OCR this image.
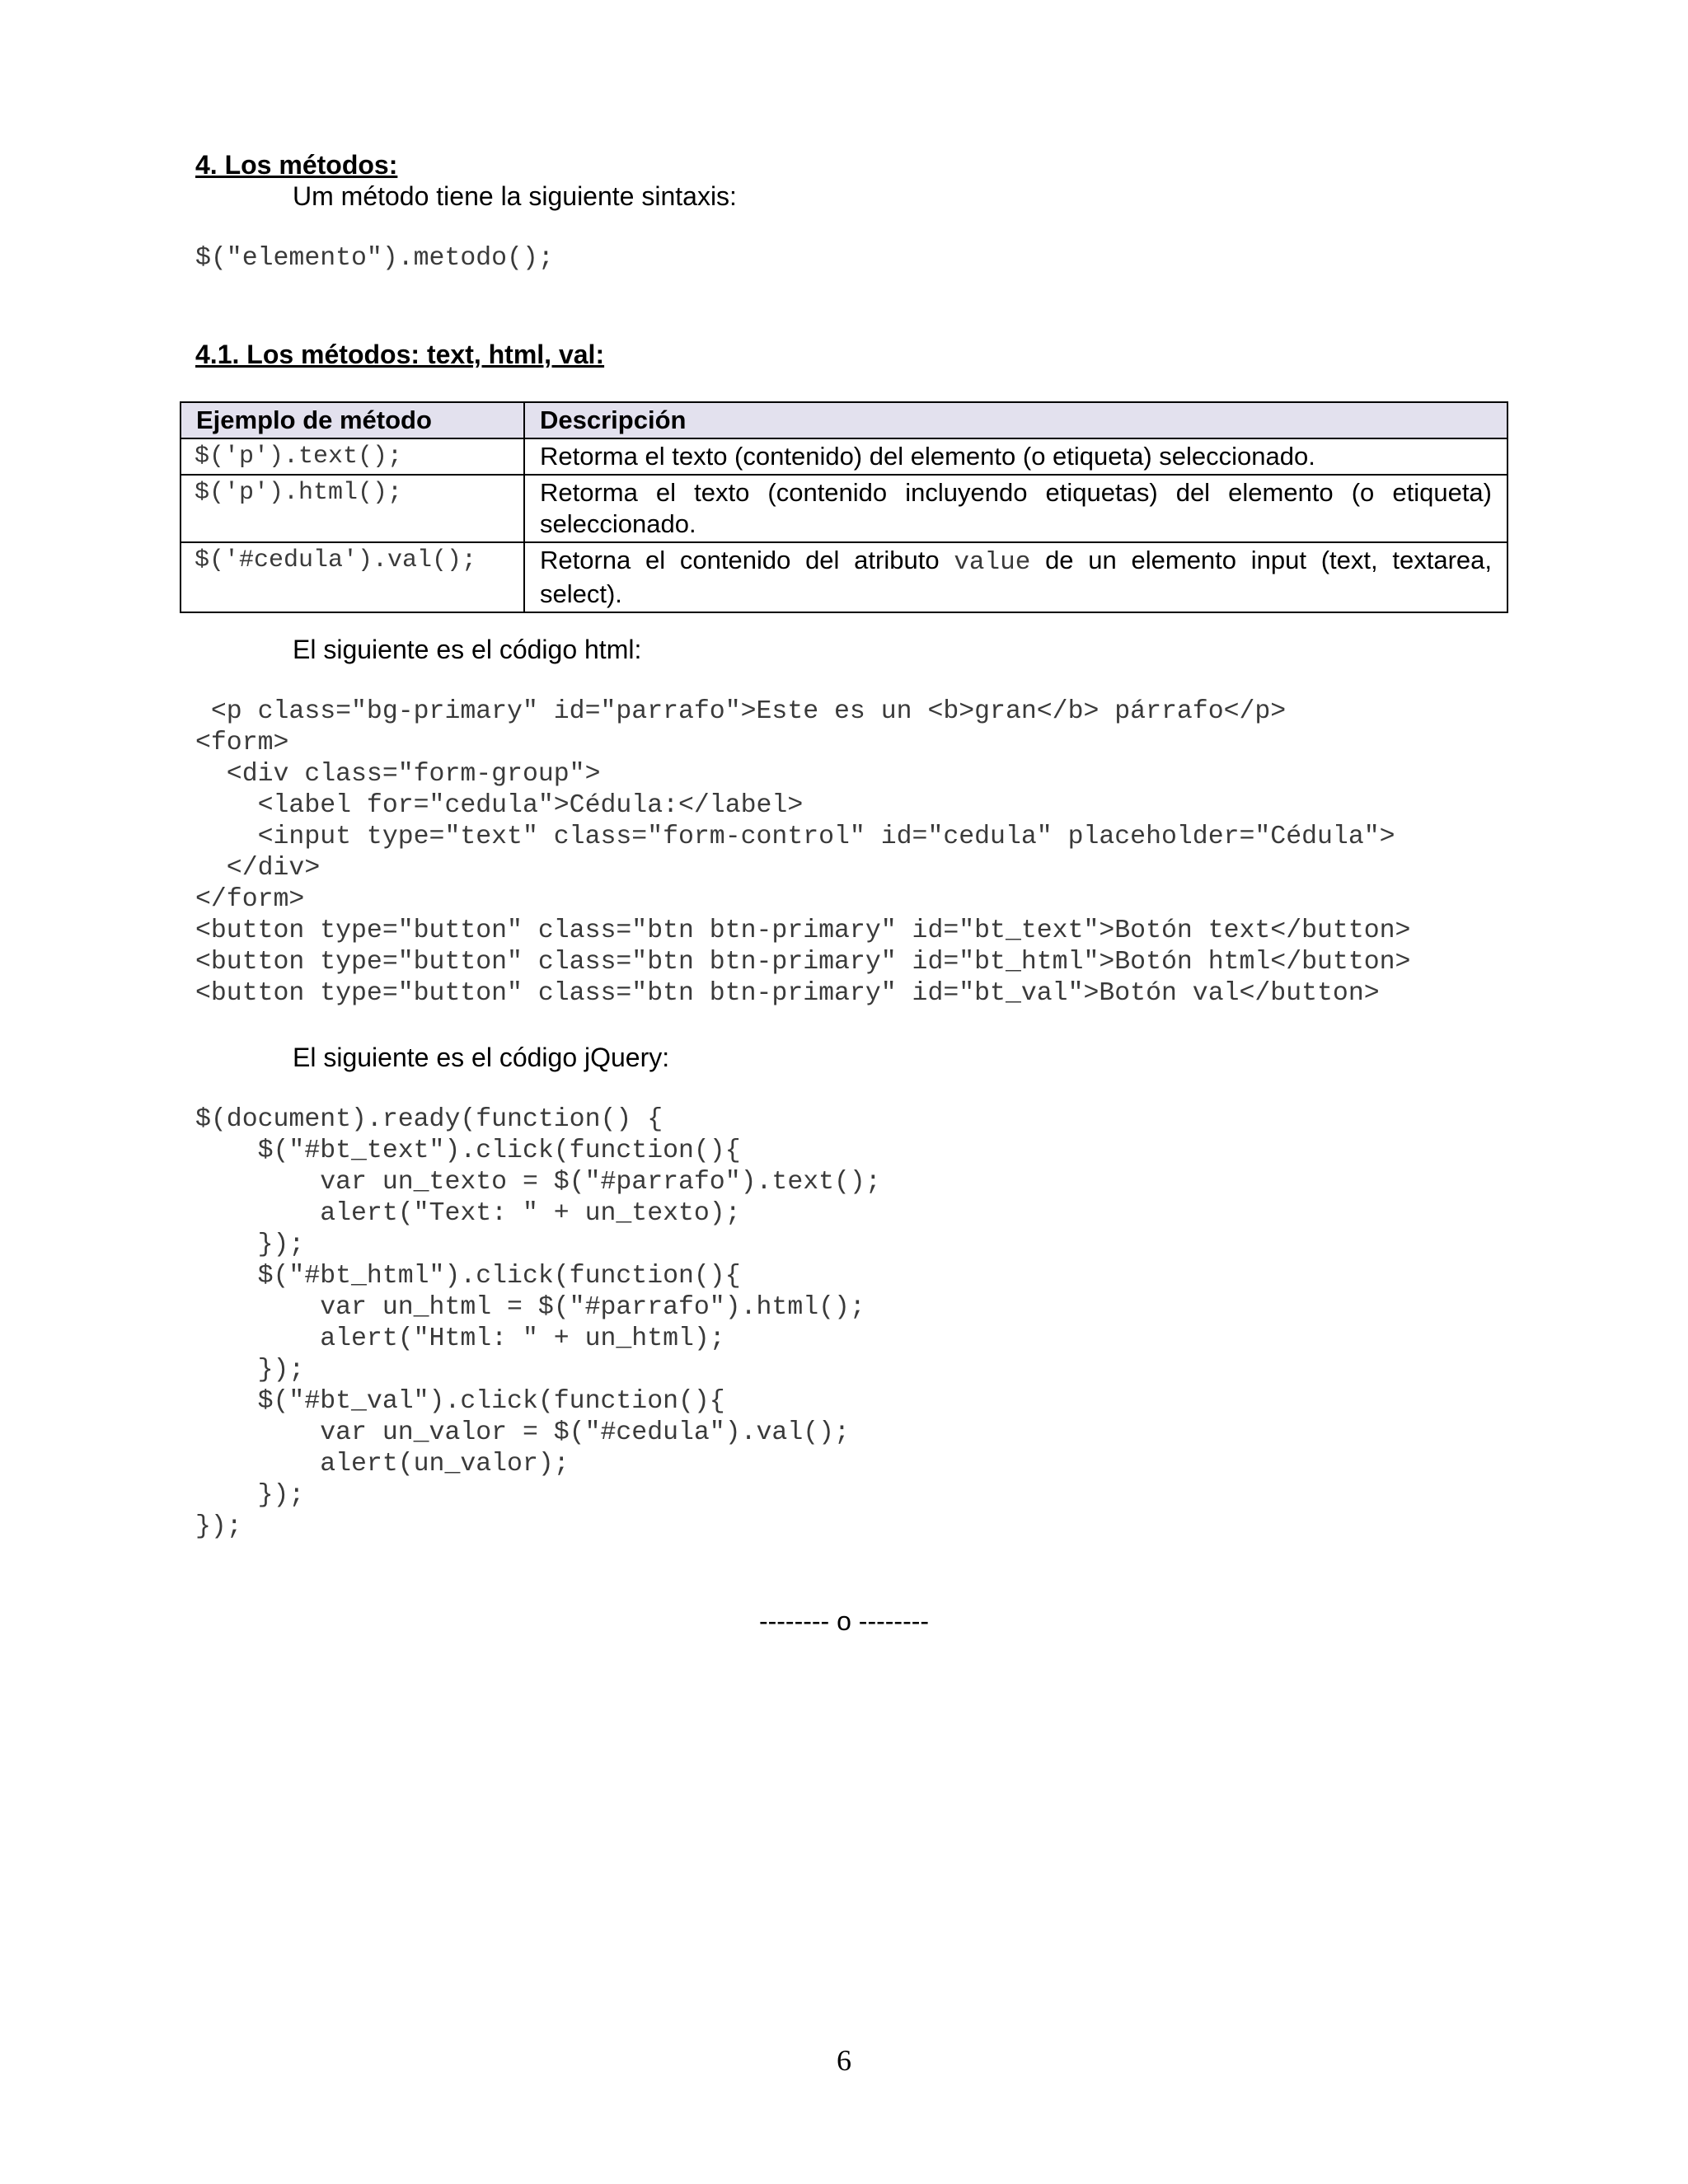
4. Los métodos:

Um método tiene la siguiente sintaxis:

$("elemento").metodo();

4.1. Los métodos: text, html, val:

Ejemplo de método	Descripción
$('p').text();	Retorma el texto (contenido) del elemento (o etiqueta) seleccionado.
$('p').html();	Retorma el texto (contenido incluyendo etiquetas) del elemento (o etiqueta) seleccionado.
$('#cedula').val();	Retorna el contenido del atributo value de un elemento input (text, textarea, select).

El siguiente es el código html:

<p class="bg-primary" id="parrafo">Este es un <b>gran</b> párrafo</p>
<form>
<div class="form-group">
<label for="cedula">Cédula:</label>
<input type="text" class="form-control" id="cedula" placeholder="Cédula">
</div>
</form>
<button type="button" class="btn btn-primary" id="bt_text">Botón text</button>
<button type="button" class="btn btn-primary" id="bt_html">Botón html</button>
<button type="button" class="btn btn-primary" id="bt_val">Botón val</button>

El siguiente es el código jQuery:

$(document).ready(function() {
$("#bt_text").click(function(){
var un_texto = $("#parrafo").text();
alert("Text: " + un_texto);
});
$("#bt_html").click(function(){
var un_html = $("#parrafo").html();
alert("Html: " + un_html);
});
$("#bt_val").click(function(){
var un_valor = $("#cedula").val();
alert(un_valor);
});
});
-------- o --------
6
